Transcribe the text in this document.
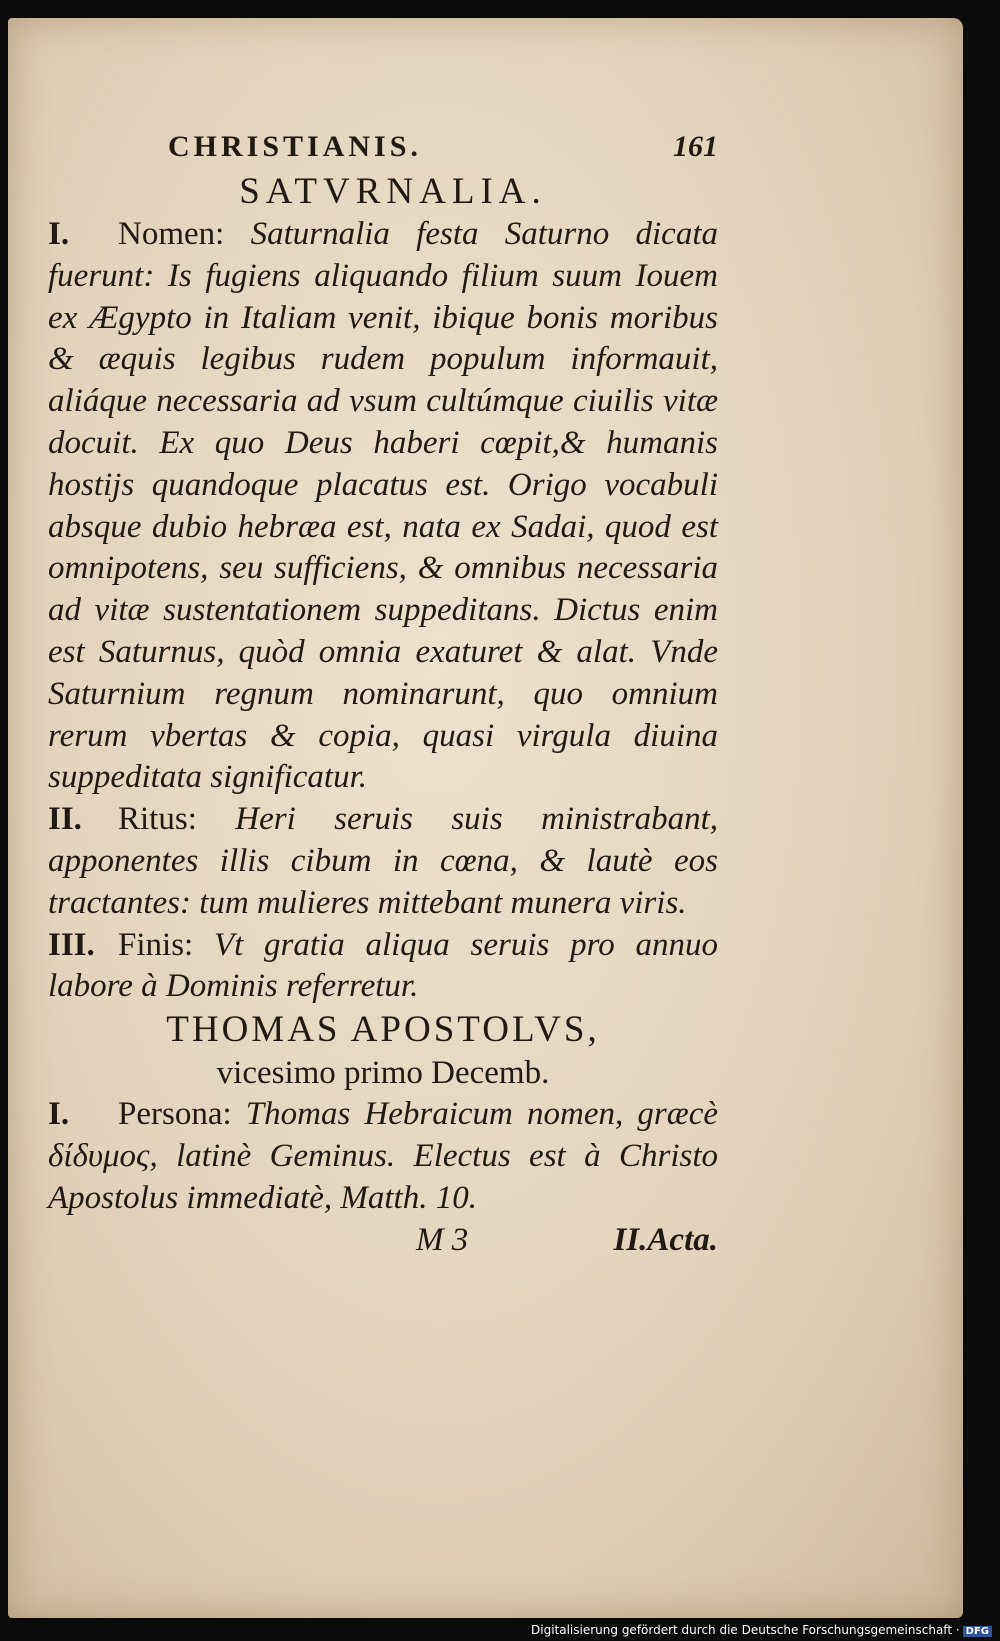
CHRISTIANIS.	161
SATVRNALIA.

I. Nomen: Saturnalia festa Saturno dicata fuerunt: Is fugiens aliquando filium suum Iouem ex Ægypto in Italiam venit, ibique bonis moribus & æquis legibus rudem populum informauit, aliáque necessaria ad vsum cultúmque ciuilis vitæ docuit. Ex quo Deus haberi cœpit,& humanis hostijs quandoque placatus est. Origo vocabuli absque dubio hebræa est, nata ex Sadai, quod est omnipotens, seu sufficiens, & omnibus necessaria ad vitæ sustentationem suppeditans. Dictus enim est Saturnus, quòd omnia exaturet & alat. Vnde Saturnium regnum nominarunt, quo omnium rerum vbertas & copia, quasi virgula diuina suppeditata significatur.

II. Ritus: Heri seruis suis ministrabant, apponentes illis cibum in cœna, & lautè eos tractantes: tum mulieres mittebant munera viris.

III. Finis: Vt gratia aliqua seruis pro annuo labore à Dominis referretur.

THOMAS APOSTOLVS,
vicesimo primo Decemb.

I. Persona: Thomas Hebraicum nomen, græcè δίδυμος, latinè Geminus. Electus est à Christo Apostolus immediatè, Matth. 10.

M 3	II.Acta.
Digitalisierung gefördert durch die Deutsche Forschungsgemeinschaft · DFG
